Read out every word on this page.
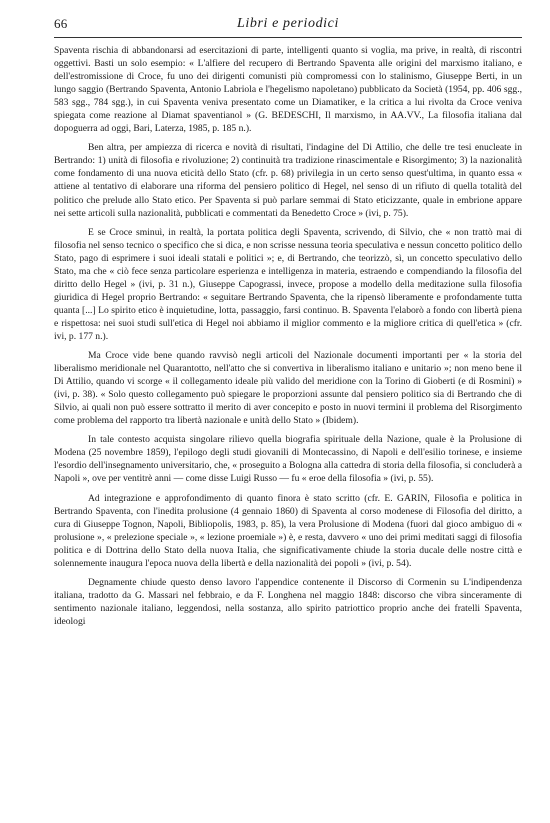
66	Libri e periodici

Spaventa rischia di abbandonarsi ad esercitazioni di parte, intelligenti quanto si voglia, ma prive, in realtà, di riscontri oggettivi. Basti un solo esempio: « L'alfiere del recupero di Bertrando Spaventa alle origini del marxismo italiano, e dell'estromissione di Croce, fu uno dei dirigenti comunisti più compromessi con lo stalinismo, Giuseppe Berti, in un lungo saggio (Bertrando Spaventa, Antonio Labriola e l'hegelismo napoletano) pubblicato da Società (1954, pp. 406 sgg., 583 sgg., 784 sgg.), in cui Spaventa veniva presentato come un Diamatiker, e la critica a lui rivolta da Croce veniva spiegata come reazione al Diamat spaventianol » (G. BEDESCHI, Il marxismo, in AA.VV., La filosofia italiana dal dopoguerra ad oggi, Bari, Laterza, 1985, p. 185 n.).

Ben altra, per ampiezza di ricerca e novità di risultati, l'indagine del Di Attilio, che delle tre tesi enucleate in Bertrando: 1) unità di filosofia e rivoluzione; 2) continuità tra tradizione rinascimentale e Risorgimento; 3) la nazionalità come fondamento di una nuova eticità dello Stato (cfr. p. 68) privilegia in un certo senso quest'ultima, in quanto essa « attiene al tentativo di elaborare una riforma del pensiero politico di Hegel, nel senso di un rifiuto di quella totalità del politico che prelude allo Stato etico. Per Spaventa si può parlare semmai di Stato eticizzante, quale in embrione appare nei sette articoli sulla nazionalità, pubblicati e commentati da Benedetto Croce » (ivi, p. 75).

E se Croce sminuì, in realtà, la portata politica degli Spaventa, scrivendo, di Silvio, che « non trattò mai di filosofia nel senso tecnico o specifico che si dica, e non scrisse nessuna teoria speculativa e nessun concetto politico dello Stato, pago di esprimere i suoi ideali statali e politici »; e, di Bertrando, che teorizzò, sì, un concetto speculativo dello Stato, ma che « ciò fece senza particolare esperienza e intelligenza in materia, estraendo e compendiando la filosofia del diritto dello Hegel » (ivi, p. 31 n.), Giuseppe Capograssi, invece, propose a modello della meditazione sulla filosofia giuridica di Hegel proprio Bertrando: « seguitare Bertrando Spaventa, che la ripensò liberamente e profondamente tutta quanta [...] Lo spirito etico è inquietudine, lotta, passaggio, farsi continuo. B. Spaventa l'elaborò a fondo con libertà piena e rispettosa: nei suoi studi sull'etica di Hegel noi abbiamo il miglior commento e la migliore critica di quell'etica » (cfr. ivi, p. 177 n.).

Ma Croce vide bene quando ravvisò negli articoli del Nazionale documenti importanti per « la storia del liberalismo meridionale nel Quarantotto, nell'atto che si convertiva in liberalismo italiano e unitario »; non meno bene il Di Attilio, quando vi scorge « il collegamento ideale più valido del meridione con la Torino di Gioberti (e di Rosmini) » (ivi, p. 38). « Solo questo collegamento può spiegare le proporzioni assunte dal pensiero politico sia di Bertrando che di Silvio, ai quali non può essere sottratto il merito di aver concepito e posto in nuovi termini il problema del Risorgimento come problema del rapporto tra libertà nazionale e unità dello Stato » (Ibidem).

In tale contesto acquista singolare rilievo quella biografia spirituale della Nazione, quale è la Prolusione di Modena (25 novembre 1859), l'epilogo degli studi giovanili di Montecassino, di Napoli e dell'esilio torinese, e insieme l'esordio dell'insegnamento universitario, che, « proseguito a Bologna alla cattedra di storia della filosofia, si concluderà a Napoli », ove per ventitrè anni — come disse Luigi Russo — fu « eroe della filosofia » (ivi, p. 55).

Ad integrazione e approfondimento di quanto finora è stato scritto (cfr. E. GARIN, Filosofia e politica in Bertrando Spaventa, con l'inedita prolusione (4 gennaio 1860) di Spaventa al corso modenese di Filosofia del diritto, a cura di Giuseppe Tognon, Napoli, Bibliopolis, 1983, p. 85), la vera Prolusione di Modena (fuori dal gioco ambiguo di « prolusione », « prelezione speciale », « lezione proemiale ») è, e resta, davvero « uno dei primi meditati saggi di filosofia politica e di Dottrina dello Stato della nuova Italia, che significativamente chiude la storia ducale delle nostre città e solennemente inaugura l'epoca nuova della libertà e della nazionalità dei popoli » (ivi, p. 54).

Degnamente chiude questo denso lavoro l'appendice contenente il Discorso di Cormenin su L'indipendenza italiana, tradotto da G. Massari nel febbraio, e da F. Longhena nel maggio 1848: discorso che vibra sinceramente di sentimento nazionale italiano, leggendosi, nella sostanza, allo spirito patriottico proprio anche dei fratelli Spaventa, ideologi
